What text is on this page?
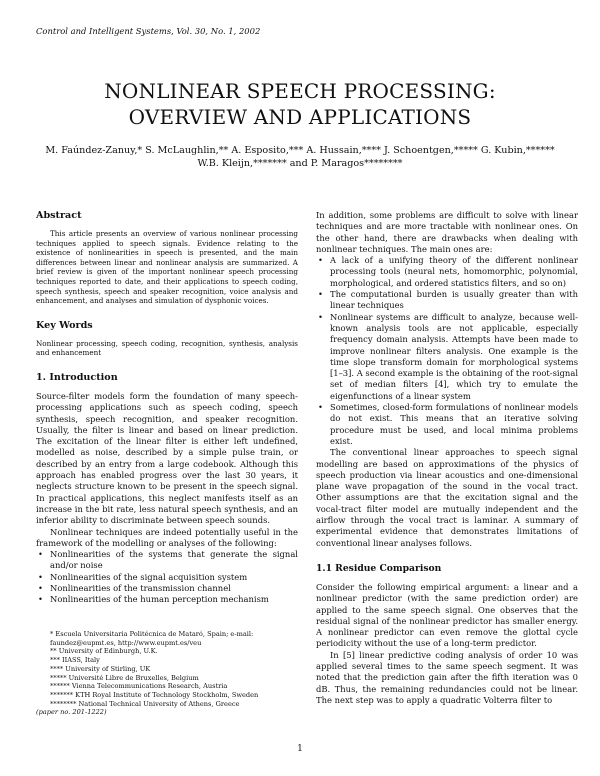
Control and Intelligent Systems, Vol. 30, No. 1, 2002
NONLINEAR SPEECH PROCESSING:
OVERVIEW AND APPLICATIONS
M. Faúndez-Zanuy,* S. McLaughlin,** A. Esposito,*** A. Hussain,**** J. Schoentgen,***** G. Kubin,******
W.B. Kleijn,******* and P. Maragos********
Abstract

This article presents an overview of various nonlinear processing techniques applied to speech signals. Evidence relating to the existence of nonlinearities in speech is presented, and the main differences between linear and nonlinear analysis are summarized. A brief review is given of the important nonlinear speech processing techniques reported to date, and their applications to speech coding, speech synthesis, speech and speaker recognition, voice analysis and enhancement, and analyses and simulation of dysphonic voices.

Key Words

Nonlinear processing, speech coding, recognition, synthesis, analysis and enhancement

1. Introduction

Source-filter models form the foundation of many speech-processing applications such as speech coding, speech synthesis, speech recognition, and speaker recognition. Usually, the filter is linear and based on linear prediction. The excitation of the linear filter is either left undefined, modelled as noise, described by a simple pulse train, or described by an entry from a large codebook. Although this approach has enabled progress over the last 30 years, it neglects structure known to be present in the speech signal. In practical applications, this neglect manifests itself as an increase in the bit rate, less natural speech synthesis, and an inferior ability to discriminate between speech sounds.

Nonlinear techniques are indeed potentially useful in the framework of the modelling or analyses of the following:

• Nonlinearities of the systems that generate the signal and/or noise
• Nonlinearities of the signal acquisition system
• Nonlinearities of the transmission channel
• Nonlinearities of the human perception mechanism
* Escuela Universitaria Politécnica de Mataró, Spain; e-mail: faundez@eupmt.es, http://www.eupmt.es/veu
** University of Edinburgh, U.K.
*** IIASS, Italy
**** University of Stirling, UK
***** Université Libre de Bruxelles, Belgium
****** Vienna Telecommunications Research, Austria
******* KTH Royal Institute of Technology Stockholm, Sweden
******** National Technical University of Athens, Greece
(paper no. 201-1222)

In addition, some problems are difficult to solve with linear techniques and are more tractable with nonlinear ones. On the other hand, there are drawbacks when dealing with nonlinear techniques. The main ones are:

• A lack of a unifying theory of the different nonlinear processing tools (neural nets, homomorphic, polynomial, morphological, and ordered statistics filters, and so on)
• The computational burden is usually greater than with linear techniques
• Nonlinear systems are difficult to analyze, because well-known analysis tools are not applicable, especially frequency domain analysis. Attempts have been made to improve nonlinear filters analysis. One example is the time slope transform domain for morphological systems [1–3]. A second example is the obtaining of the root-signal set of median filters [4], which try to emulate the eigenfunctions of a linear system
• Sometimes, closed-form formulations of nonlinear models do not exist. This means that an iterative solving procedure must be used, and local minima problems exist.

The conventional linear approaches to speech signal modelling are based on approximations of the physics of speech production via linear acoustics and one-dimensional plane wave propagation of the sound in the vocal tract. Other assumptions are that the excitation signal and the vocal-tract filter model are mutually independent and the airflow through the vocal tract is laminar. A summary of experimental evidence that demonstrates limitations of conventional linear analyses follows.

1.1 Residue Comparison

Consider the following empirical argument: a linear and a nonlinear predictor (with the same prediction order) are applied to the same speech signal. One observes that the residual signal of the nonlinear predictor has smaller energy. A nonlinear predictor can even remove the glottal cycle periodicity without the use of a long-term predictor.

In [5] linear predictive coding analysis of order 10 was applied several times to the same speech segment. It was noted that the prediction gain after the fifth iteration was 0 dB. Thus, the remaining redundancies could not be linear. The next step was to apply a quadratic Volterra filter to

1
